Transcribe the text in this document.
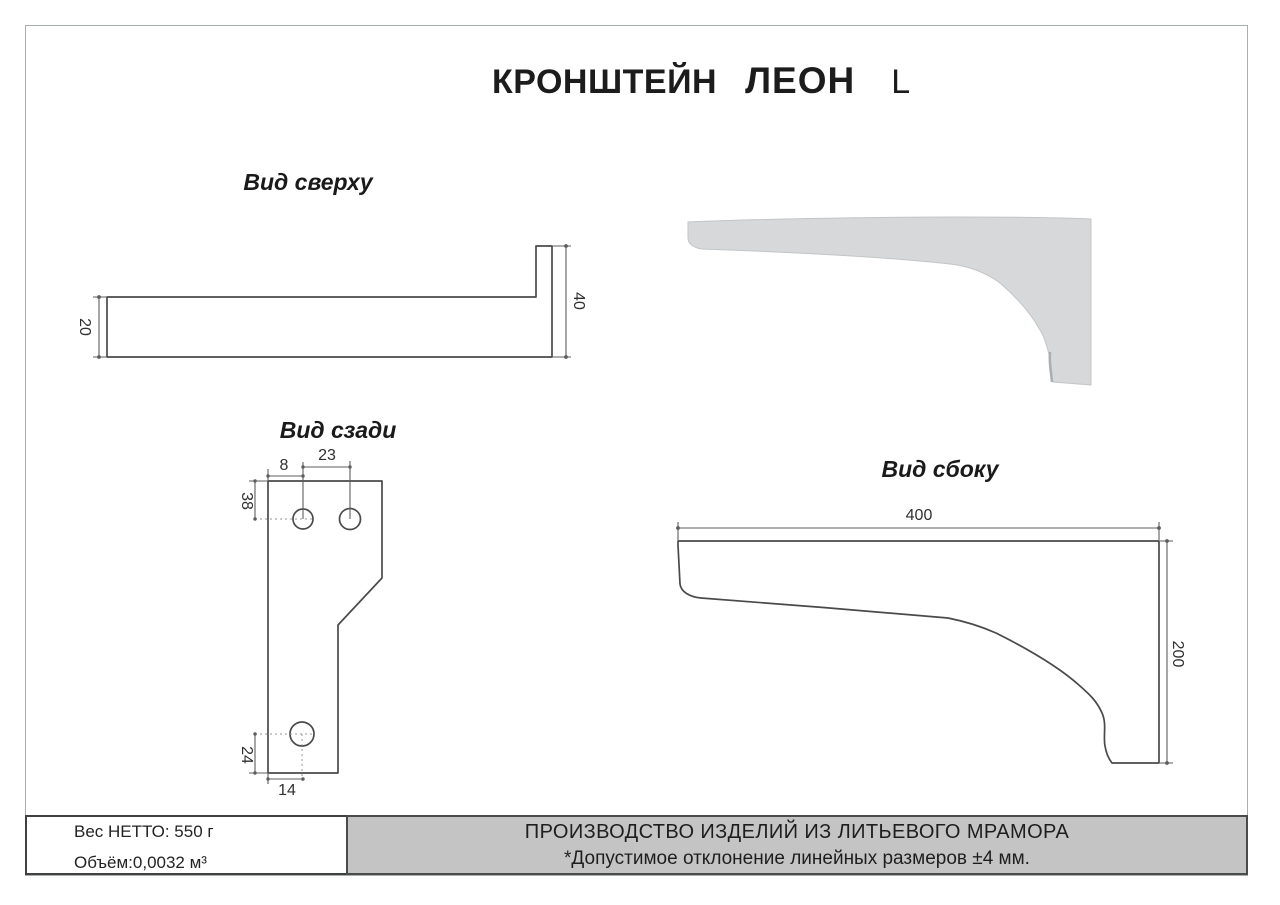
КРОНШТЕЙН ЛЕОН L
Вид сверху
Вид сзади
Вид сбоку
20
40
8
23
38
24
14
400
200
Вес НЕТТО: 550 г
Объём:0,0032 м³
ПРОИЗВОДСТВО ИЗДЕЛИЙ ИЗ ЛИТЬЕВОГО МРАМОРА
*Допустимое отклонение линейных размеров ±4 мм.
